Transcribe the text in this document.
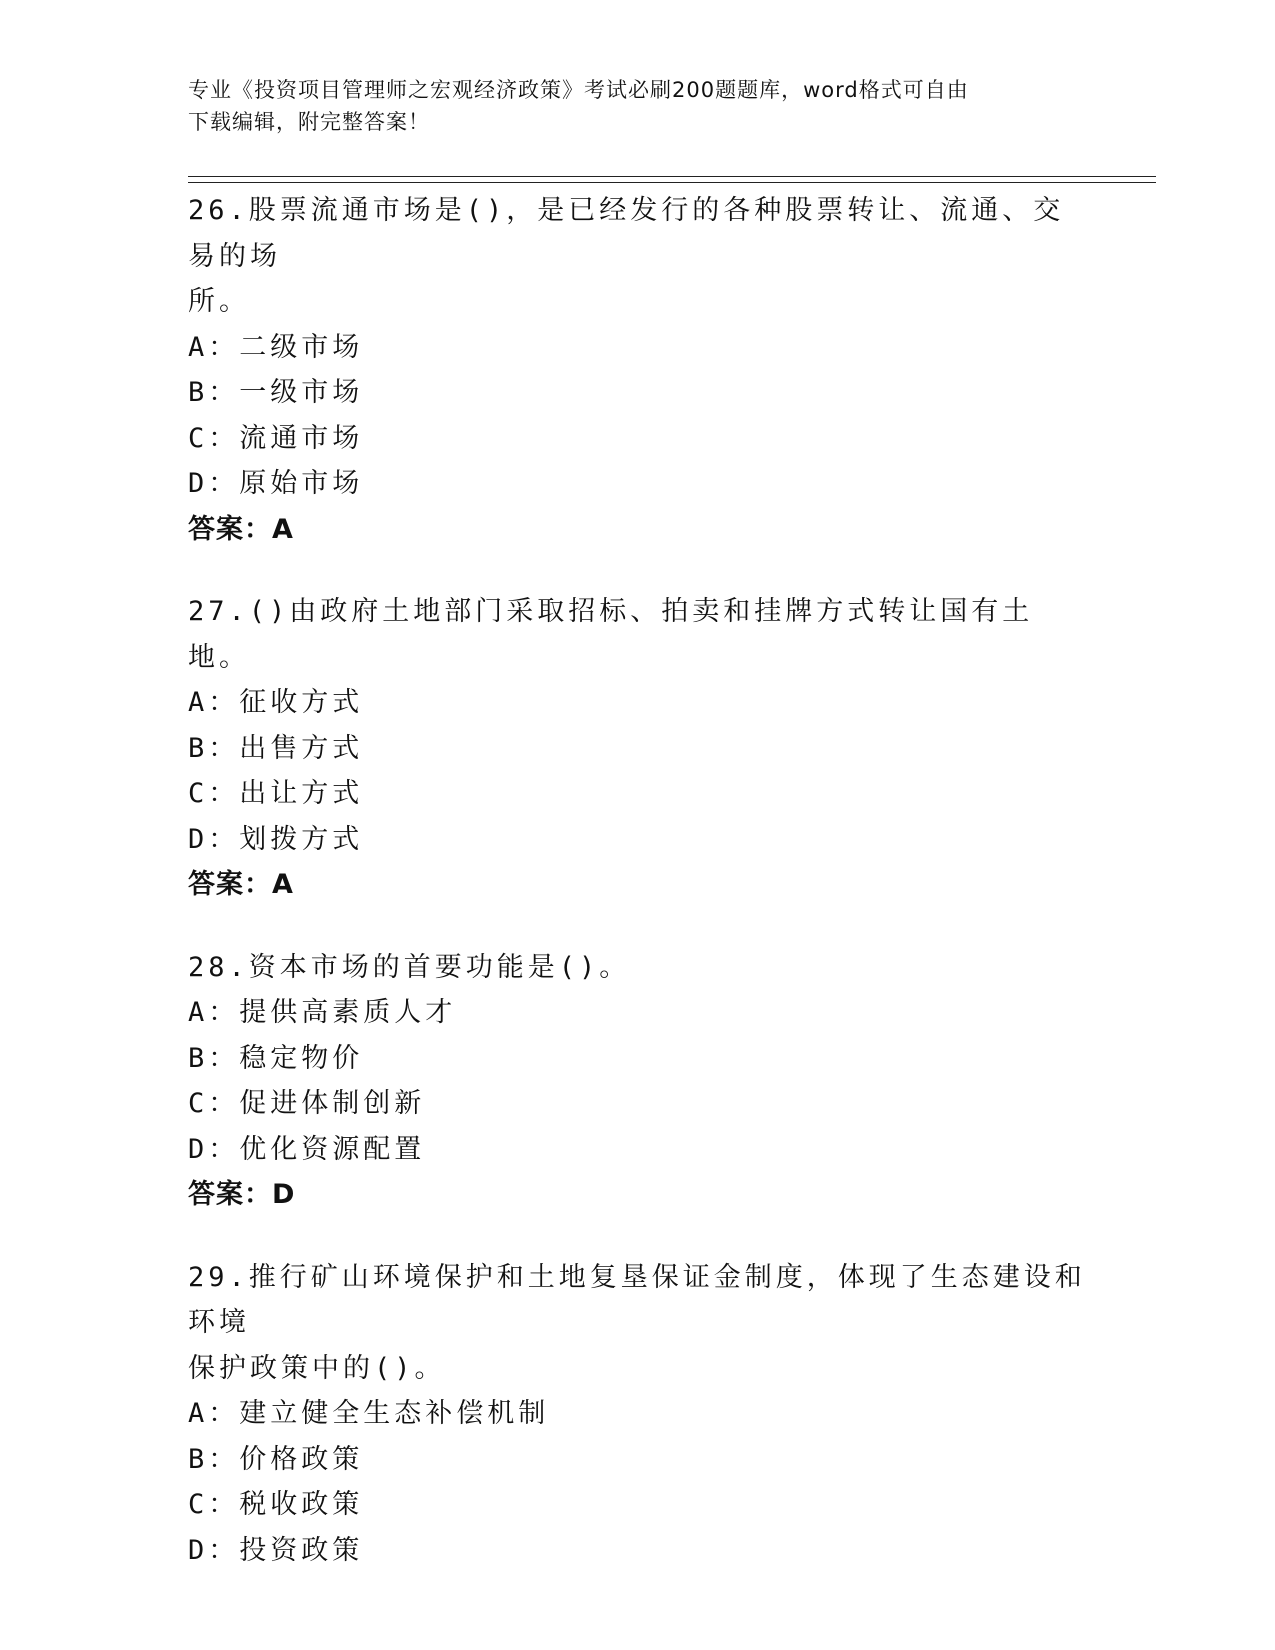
专业《投资项目管理师之宏观经济政策》考试必刷200题题库，word格式可自由
下载编辑，附完整答案！

26.股票流通市场是()，是已经发行的各种股票转让、流通、交易的场

所。

A：二级市场

B：一级市场

C：流通市场

D：原始市场

答案：A

27.()由政府土地部门采取招标、拍卖和挂牌方式转让国有土地。

A：征收方式

B：出售方式

C：出让方式

D：划拨方式

答案：A

28.资本市场的首要功能是()。

A：提供高素质人才

B：稳定物价

C：促进体制创新

D：优化资源配置

答案：D

29.推行矿山环境保护和土地复垦保证金制度，体现了生态建设和环境

保护政策中的()。

A：建立健全生态补偿机制

B：价格政策

C：税收政策

D：投资政策
